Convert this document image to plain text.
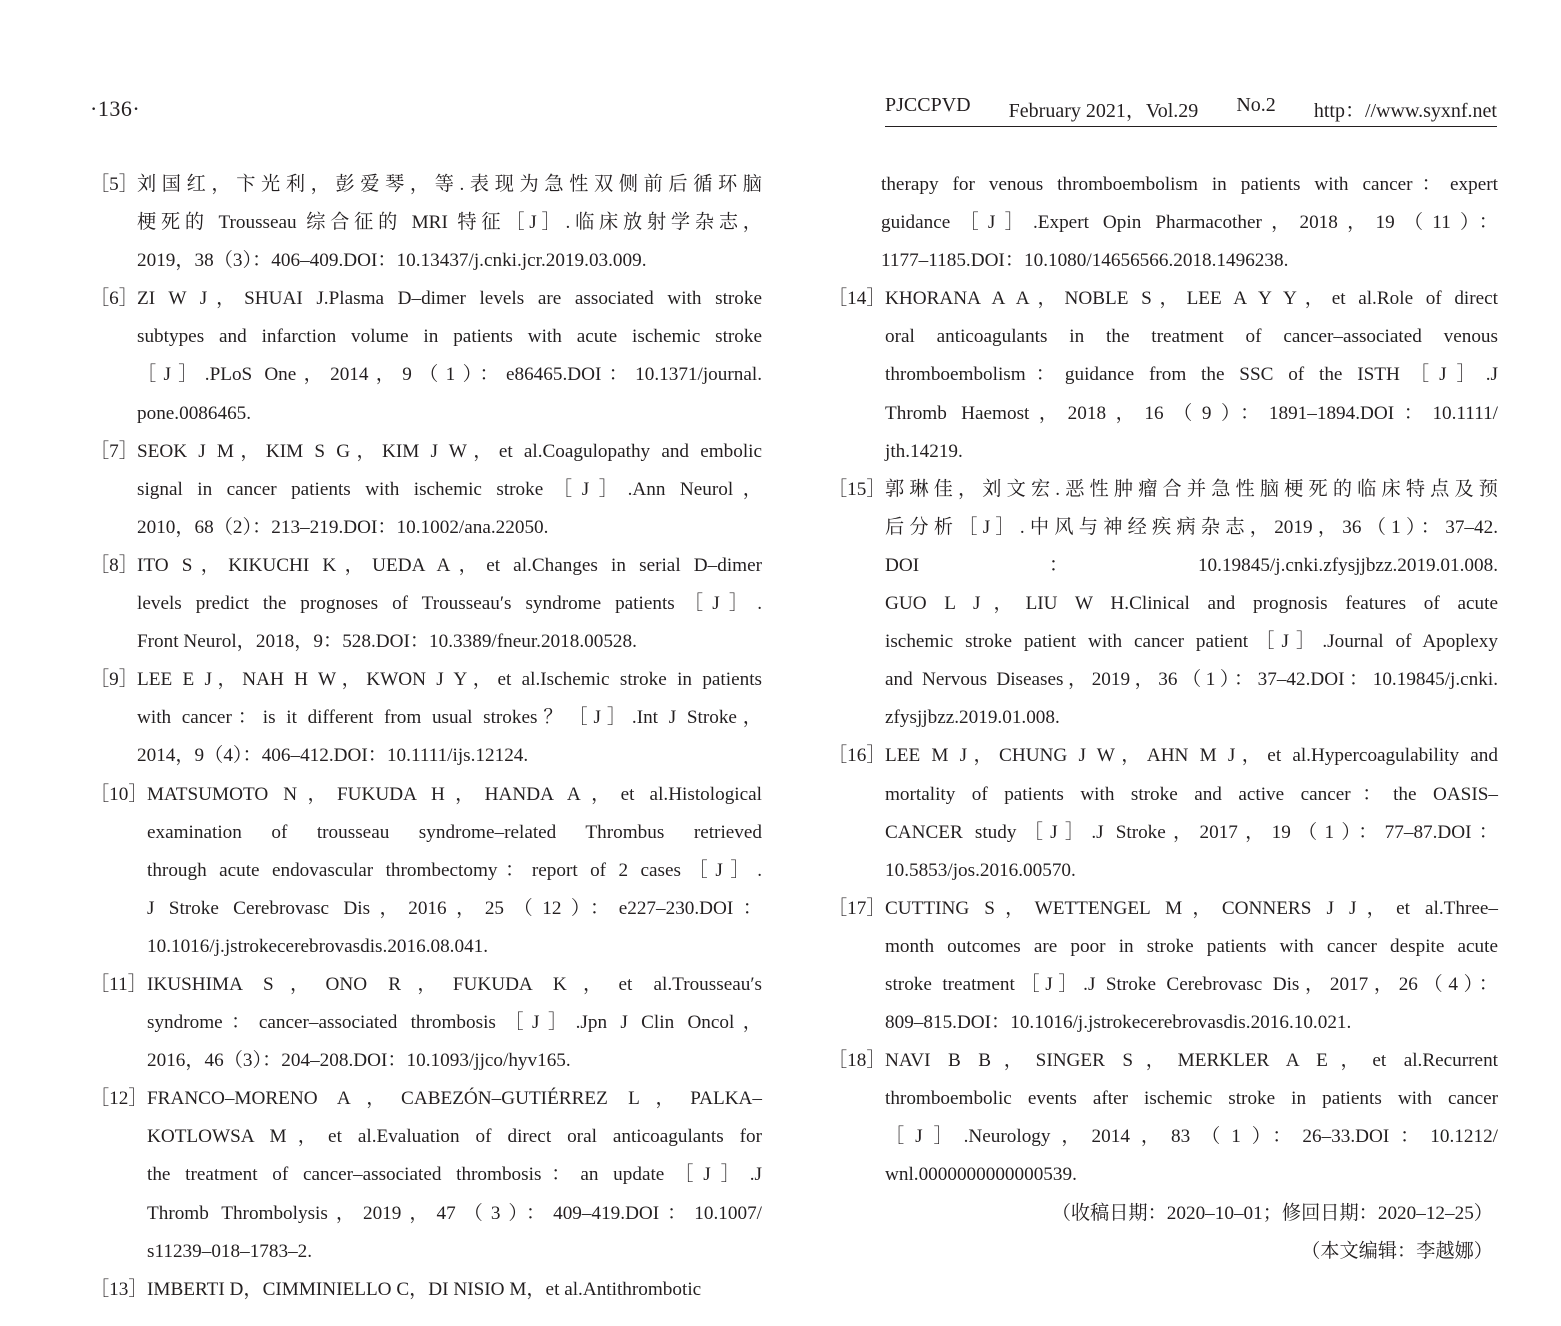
·136·	PJCCPVD February 2021，Vol.29 No.2 http：//www.syxnf.net
［5］ 刘国红，卞光利，彭爱琴，等.表现为急性双侧前后循环脑
梗死的 Trousseau 综合征的 MRI 特征［J］.临床放射学杂志，
2019，38（3）：406–409.DOI：10.13437/j.cnki.jcr.2019.03.009.
［6］ ZI W J，SHUAI J.Plasma D–dimer levels are associated with stroke
subtypes and infarction volume in patients with acute ischemic stroke
［J］.PLoS One，2014，9（1）：e86465.DOI：10.1371/journal.
pone.0086465.
［7］ SEOK J M，KIM S G，KIM J W，et al.Coagulopathy and embolic
signal in cancer patients with ischemic stroke［J］.Ann Neurol，
2010，68（2）：213–219.DOI：10.1002/ana.22050.
［8］ ITO S，KIKUCHI K，UEDA A，et al.Changes in serial D–dimer
levels predict the prognoses of Trousseau′s syndrome patients［J］.
Front Neurol，2018，9：528.DOI：10.3389/fneur.2018.00528.
［9］ LEE E J，NAH H W，KWON J Y，et al.Ischemic stroke in patients
with cancer：is it different from usual strokes？［J］.Int J Stroke，
2014，9（4）：406–412.DOI：10.1111/ijs.12124.
［10］ MATSUMOTO N，FUKUDA H，HANDA A，et al.Histological
examination of trousseau syndrome–related Thrombus retrieved
through acute endovascular thrombectomy：report of 2 cases［J］.
J Stroke Cerebrovasc Dis，2016，25（12）：e227–230.DOI：
10.1016/j.jstrokecerebrovasdis.2016.08.041.
［11］ IKUSHIMA S，ONO R，FUKUDA K，et al.Trousseau′s
syndrome：cancer–associated thrombosis［J］.Jpn J Clin Oncol，
2016，46（3）：204–208.DOI：10.1093/jjco/hyv165.
［12］ FRANCO–MORENO A，CABEZÓN–GUTIÉRREZ L，PALKA–
KOTLOWSA M，et al.Evaluation of direct oral anticoagulants for
the treatment of cancer–associated thrombosis：an update［J］.J
Thromb Thrombolysis，2019，47（3）：409–419.DOI：10.1007/
s11239–018–1783–2.
［13］ IMBERTI D，CIMMINIELLO C，DI NISIO M，et al.Antithrombotic
therapy for venous thromboembolism in patients with cancer：expert
guidance［J］.Expert Opin Pharmacother，2018，19（11）：
1177–1185.DOI：10.1080/14656566.2018.1496238.
［14］ KHORANA A A，NOBLE S，LEE A Y Y，et al.Role of direct
oral anticoagulants in the treatment of cancer–associated venous
thromboembolism：guidance from the SSC of the ISTH［J］.J
Thromb Haemost，2018，16（9）：1891–1894.DOI：10.1111/
jth.14219.
［15］ 郭琳佳，刘文宏.恶性肿瘤合并急性脑梗死的临床特点及预
后分析［J］.中风与神经疾病杂志，2019，36（1）：37–42.
DOI：10.19845/j.cnki.zfysjjbzz.2019.01.008.
GUO L J，LIU W H.Clinical and prognosis features of acute
ischemic stroke patient with cancer patient［J］.Journal of Apoplexy
and Nervous Diseases，2019，36（1）：37–42.DOI：10.19845/j.cnki.
zfysjjbzz.2019.01.008.
［16］ LEE M J，CHUNG J W，AHN M J，et al.Hypercoagulability and
mortality of patients with stroke and active cancer：the OASIS–
CANCER study［J］.J Stroke，2017，19（1）：77–87.DOI：
10.5853/jos.2016.00570.
［17］ CUTTING S，WETTENGEL M，CONNERS J J，et al.Three–
month outcomes are poor in stroke patients with cancer despite acute
stroke treatment［J］.J Stroke Cerebrovasc Dis，2017，26（4）：
809–815.DOI：10.1016/j.jstrokecerebrovasdis.2016.10.021.
［18］ NAVI B B，SINGER S，MERKLER A E，et al.Recurrent
thromboembolic events after ischemic stroke in patients with cancer
［J］.Neurology，2014，83（1）：26–33.DOI：10.1212/
wnl.0000000000000539.
（收稿日期：2020–10–01；修回日期：2020–12–25）
（本文编辑：李越娜）
